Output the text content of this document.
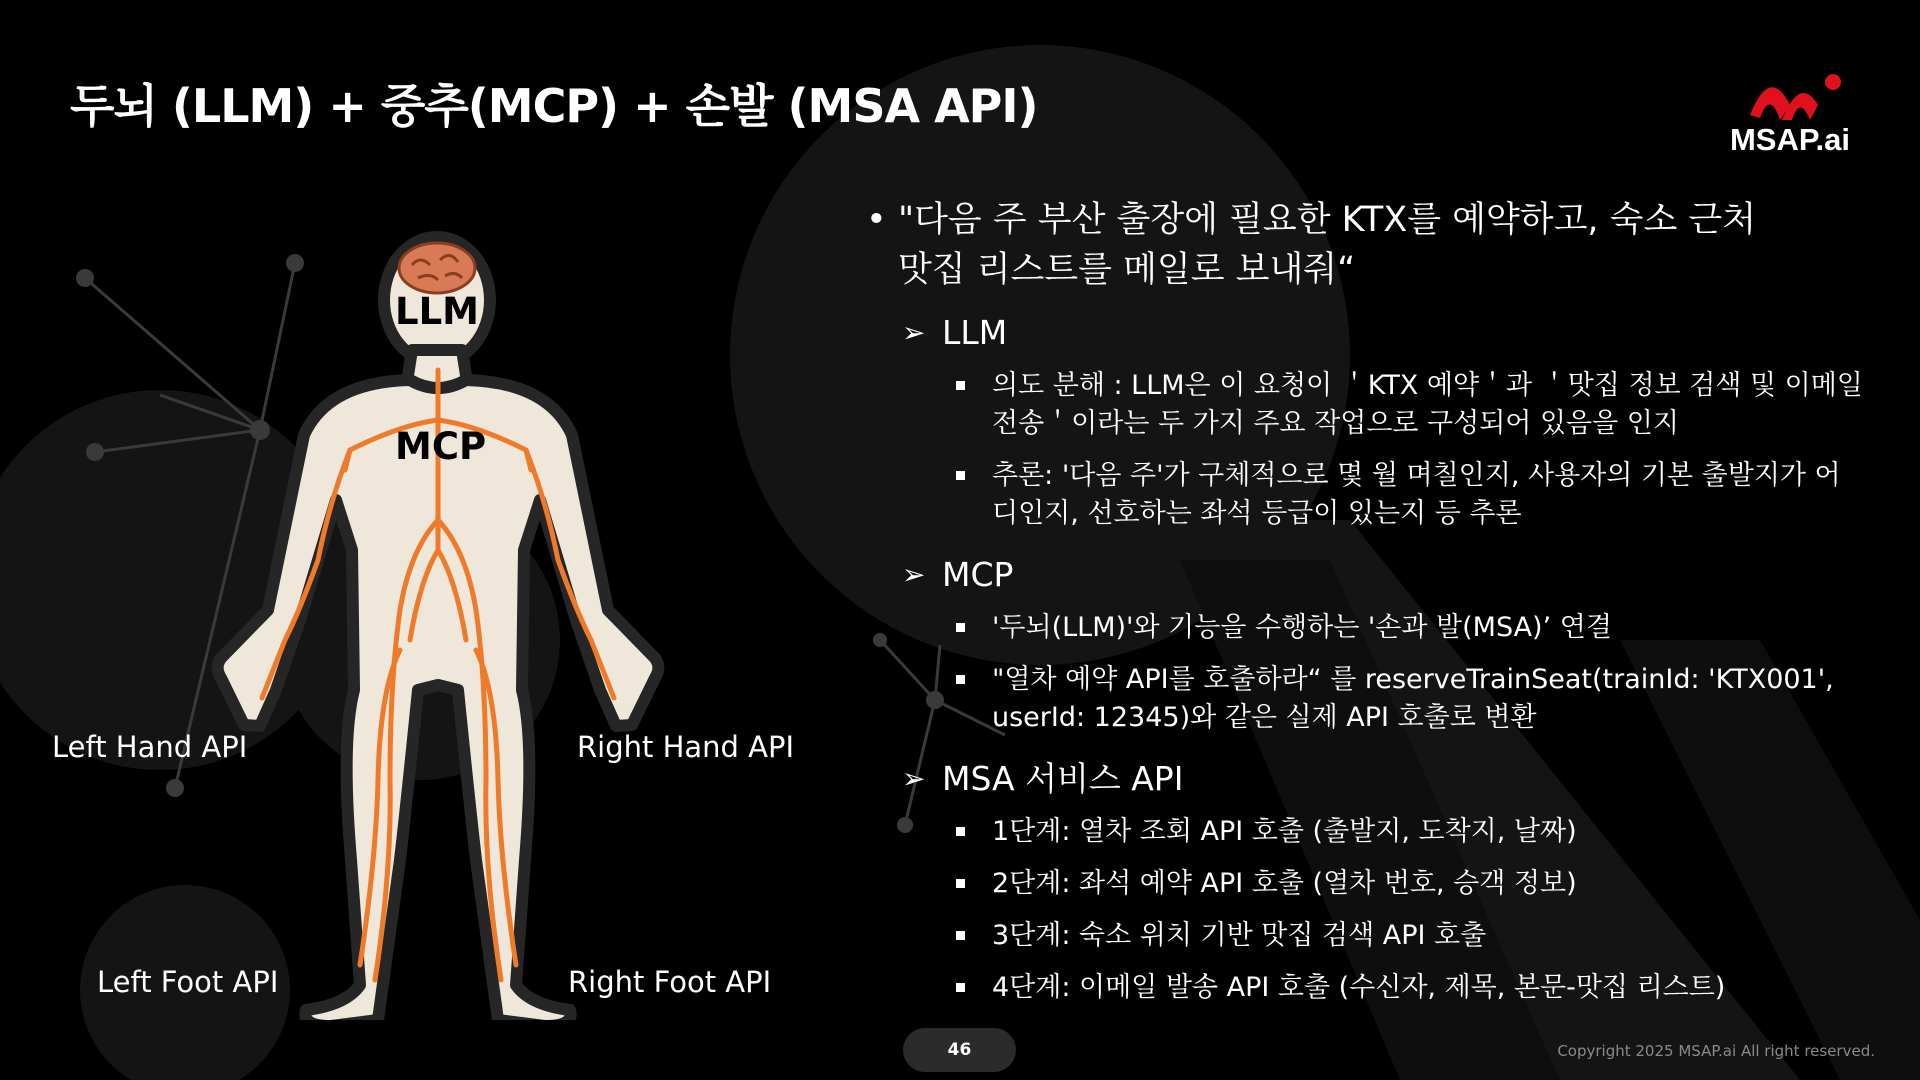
두뇌 (LLM) + 중추(MCP) + 손발 (MSA API)
MSAP.ai
LLM
MCP
Left Hand API	Right Hand API
Left Foot API	Right Foot API
• "다음 주 부산 출장에 필요한 KTX를 예약하고, 숙소 근처
맛집 리스트를 메일로 보내줘“
➢ LLM
의도 분해 : LLM은 이 요청이 ＇KTX 예약＇과 ＇맛집 정보 검색 및 이메일 전송＇이라는 두 가지 주요 작업으로 구성되어 있음을 인지
추론: '다음 주'가 구체적으로 몇 월 며칠인지, 사용자의 기본 출발지가 어디인지, 선호하는 좌석 등급이 있는지 등 추론
➢ MCP
'두뇌(LLM)'와 기능을 수행하는 '손과 발(MSA)’ 연결
"열차 예약 API를 호출하라“ 를 reserveTrainSeat(trainId: 'KTX001', userId: 12345)와 같은 실제 API 호출로 변환
➢ MSA 서비스 API
1단계: 열차 조회 API 호출 (출발지, 도착지, 날짜)
2단계: 좌석 예약 API 호출 (열차 번호, 승객 정보)
3단계: 숙소 위치 기반 맛집 검색 API 호출
4단계: 이메일 발송 API 호출 (수신자, 제목, 본문-맛집 리스트)
46	Copyright 2025 MSAP.ai All right reserved.
